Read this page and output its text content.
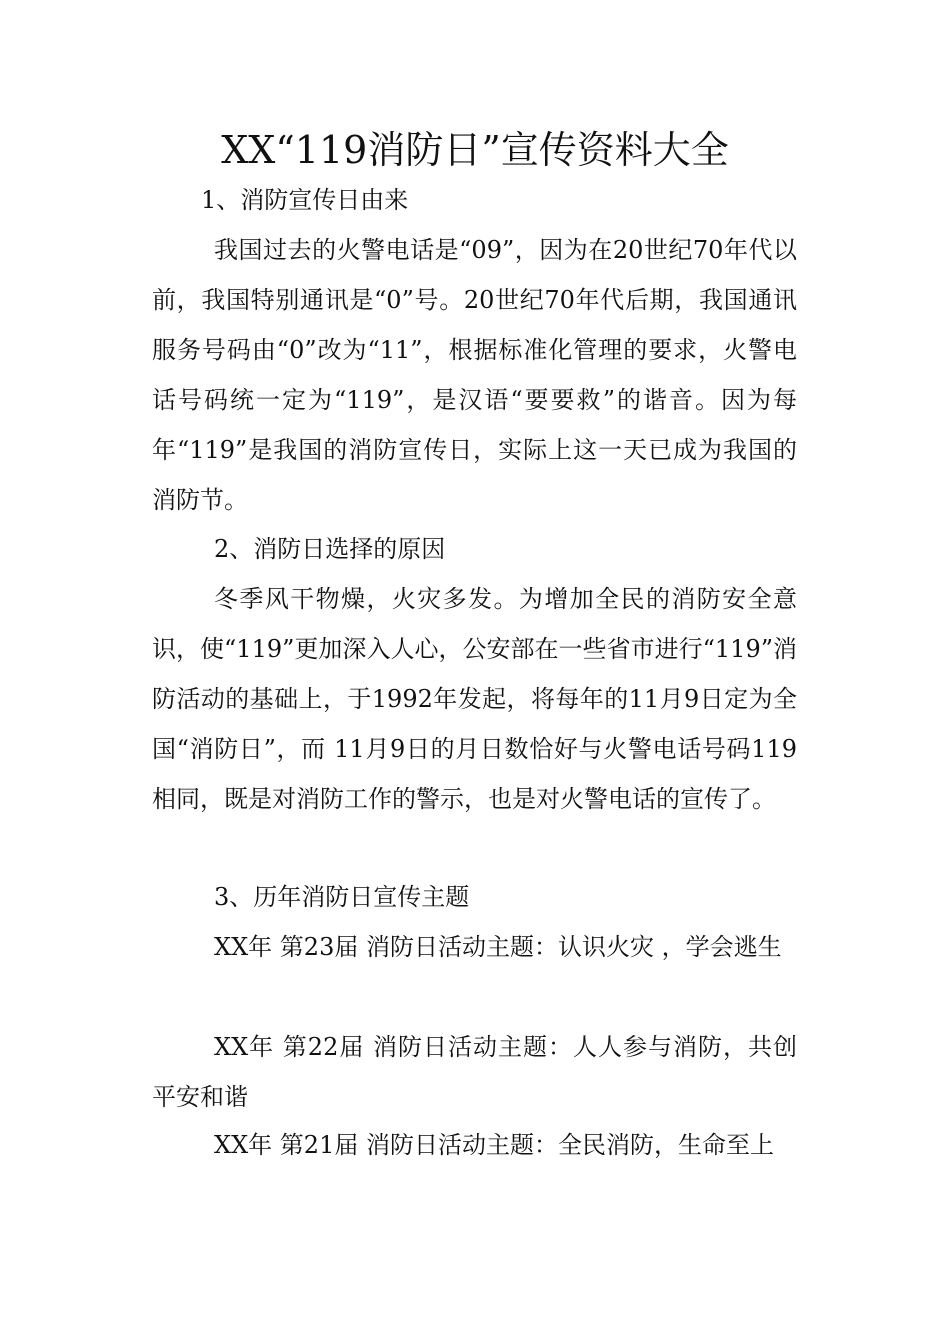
XX“119消防日”宣传资料大全

1、消防宣传日由来

我国过去的火警电话是“09”，因为在20世纪70年代以前，我国特别通讯是“0”号。20世纪70年代后期，我国通讯服务号码由“0”改为“11”，根据标准化管理的要求，火警电话号码统一定为“119”，是汉语“要要救”的谐音。因为每年“119”是我国的消防宣传日，实际上这一天已成为我国的消防节。

2、消防日选择的原因

冬季风干物燥，火灾多发。为增加全民的消防安全意识，使“119”更加深入人心，公安部在一些省市进行“119”消防活动的基础上，于1992年发起，将每年的11月9日定为全国“消防日”，而 11月9日的月日数恰好与火警电话号码119相同，既是对消防工作的警示，也是对火警电话的宣传了。

3、历年消防日宣传主题

XX年 第23届 消防日活动主题：认识火灾 ，学会逃生

XX年 第22届 消防日活动主题：人人参与消防，共创平安和谐

XX年 第21届 消防日活动主题：全民消防，生命至上
